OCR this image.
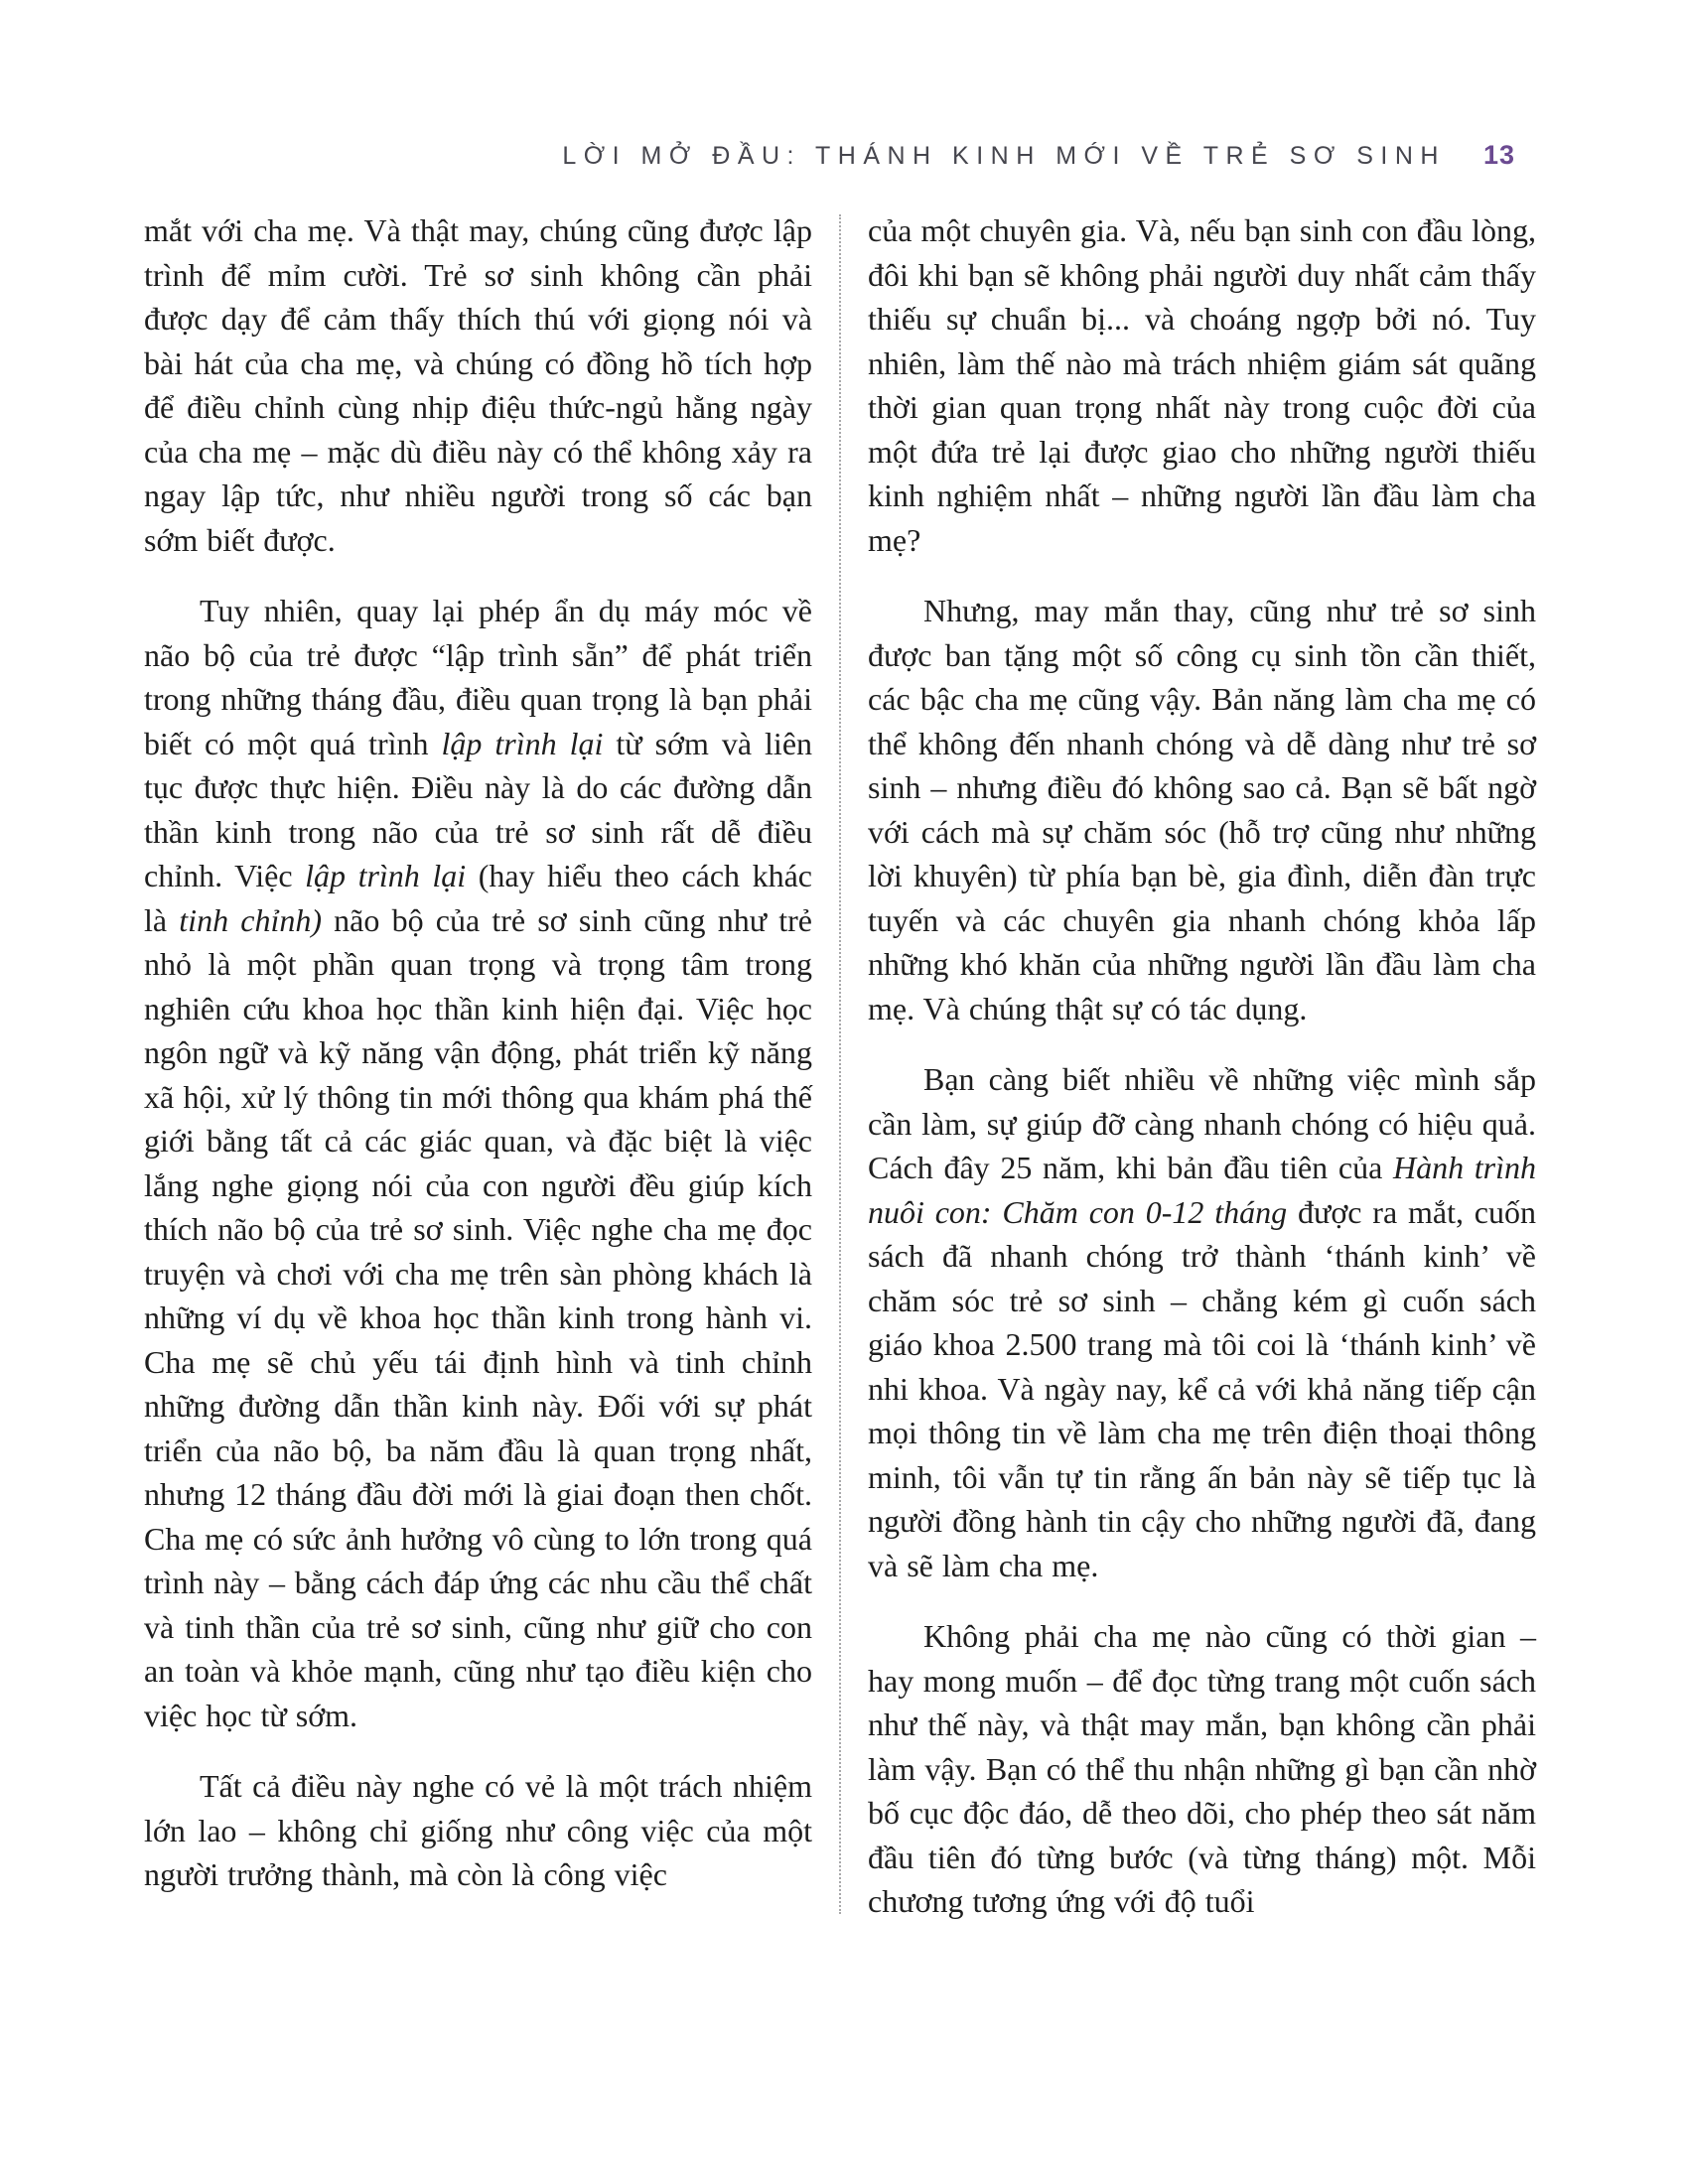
LỜI MỞ ĐẦU: THÁNH KINH MỚI VỀ TRẺ SƠ SINH 13

mắt với cha mẹ. Và thật may, chúng cũng được lập trình để mỉm cười. Trẻ sơ sinh không cần phải được dạy để cảm thấy thích thú với giọng nói và bài hát của cha mẹ, và chúng có đồng hồ tích hợp để điều chỉnh cùng nhịp điệu thức-ngủ hằng ngày của cha mẹ – mặc dù điều này có thể không xảy ra ngay lập tức, như nhiều người trong số các bạn sớm biết được.

Tuy nhiên, quay lại phép ẩn dụ máy móc về não bộ của trẻ được “lập trình sẵn” để phát triển trong những tháng đầu, điều quan trọng là bạn phải biết có một quá trình lập trình lại từ sớm và liên tục được thực hiện. Điều này là do các đường dẫn thần kinh trong não của trẻ sơ sinh rất dễ điều chỉnh. Việc lập trình lại (hay hiểu theo cách khác là tinh chỉnh) não bộ của trẻ sơ sinh cũng như trẻ nhỏ là một phần quan trọng và trọng tâm trong nghiên cứu khoa học thần kinh hiện đại. Việc học ngôn ngữ và kỹ năng vận động, phát triển kỹ năng xã hội, xử lý thông tin mới thông qua khám phá thế giới bằng tất cả các giác quan, và đặc biệt là việc lắng nghe giọng nói của con người đều giúp kích thích não bộ của trẻ sơ sinh. Việc nghe cha mẹ đọc truyện và chơi với cha mẹ trên sàn phòng khách là những ví dụ về khoa học thần kinh trong hành vi. Cha mẹ sẽ chủ yếu tái định hình và tinh chỉnh những đường dẫn thần kinh này. Đối với sự phát triển của não bộ, ba năm đầu là quan trọng nhất, nhưng 12 tháng đầu đời mới là giai đoạn then chốt. Cha mẹ có sức ảnh hưởng vô cùng to lớn trong quá trình này – bằng cách đáp ứng các nhu cầu thể chất và tinh thần của trẻ sơ sinh, cũng như giữ cho con an toàn và khỏe mạnh, cũng như tạo điều kiện cho việc học từ sớm.

Tất cả điều này nghe có vẻ là một trách nhiệm lớn lao – không chỉ giống như công việc của một người trưởng thành, mà còn là công việc

của một chuyên gia. Và, nếu bạn sinh con đầu lòng, đôi khi bạn sẽ không phải người duy nhất cảm thấy thiếu sự chuẩn bị... và choáng ngợp bởi nó. Tuy nhiên, làm thế nào mà trách nhiệm giám sát quãng thời gian quan trọng nhất này trong cuộc đời của một đứa trẻ lại được giao cho những người thiếu kinh nghiệm nhất – những người lần đầu làm cha mẹ?

Nhưng, may mắn thay, cũng như trẻ sơ sinh được ban tặng một số công cụ sinh tồn cần thiết, các bậc cha mẹ cũng vậy. Bản năng làm cha mẹ có thể không đến nhanh chóng và dễ dàng như trẻ sơ sinh – nhưng điều đó không sao cả. Bạn sẽ bất ngờ với cách mà sự chăm sóc (hỗ trợ cũng như những lời khuyên) từ phía bạn bè, gia đình, diễn đàn trực tuyến và các chuyên gia nhanh chóng khỏa lấp những khó khăn của những người lần đầu làm cha mẹ. Và chúng thật sự có tác dụng.

Bạn càng biết nhiều về những việc mình sắp cần làm, sự giúp đỡ càng nhanh chóng có hiệu quả. Cách đây 25 năm, khi bản đầu tiên của Hành trình nuôi con: Chăm con 0-12 tháng được ra mắt, cuốn sách đã nhanh chóng trở thành ‘thánh kinh’ về chăm sóc trẻ sơ sinh – chẳng kém gì cuốn sách giáo khoa 2.500 trang mà tôi coi là ‘thánh kinh’ về nhi khoa. Và ngày nay, kể cả với khả năng tiếp cận mọi thông tin về làm cha mẹ trên điện thoại thông minh, tôi vẫn tự tin rằng ấn bản này sẽ tiếp tục là người đồng hành tin cậy cho những người đã, đang và sẽ làm cha mẹ.

Không phải cha mẹ nào cũng có thời gian – hay mong muốn – để đọc từng trang một cuốn sách như thế này, và thật may mắn, bạn không cần phải làm vậy. Bạn có thể thu nhận những gì bạn cần nhờ bố cục độc đáo, dễ theo dõi, cho phép theo sát năm đầu tiên đó từng bước (và từng tháng) một. Mỗi chương tương ứng với độ tuổi
